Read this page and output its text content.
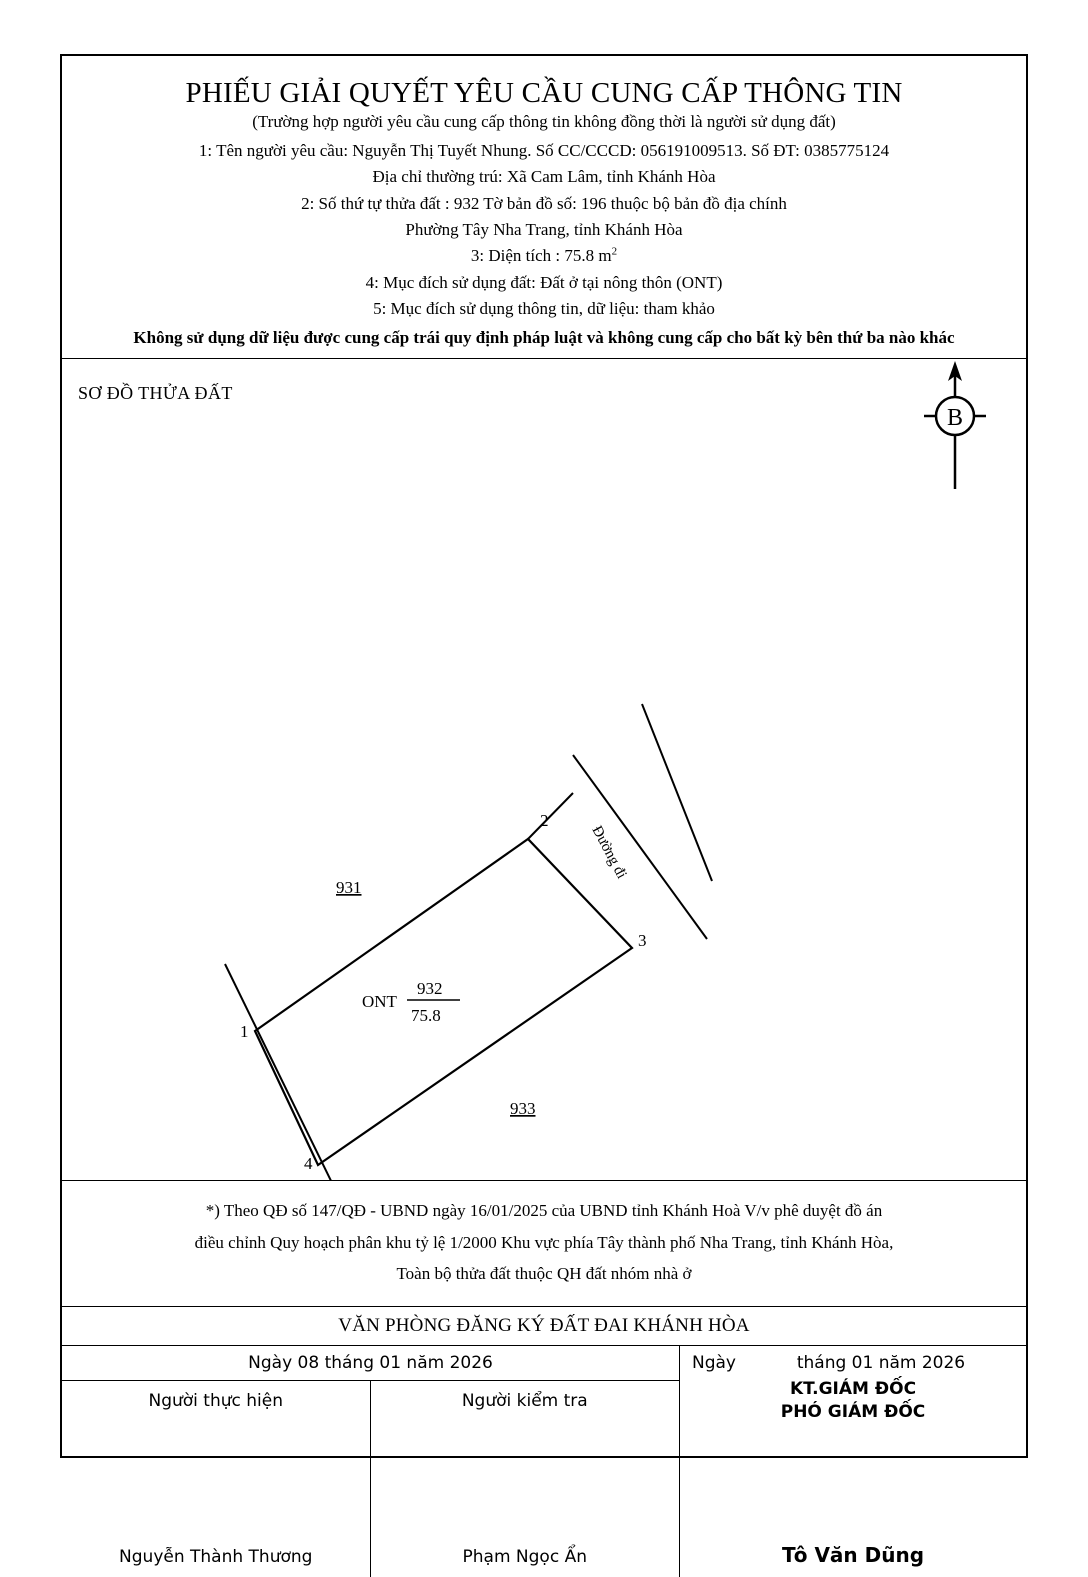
PHIẾU GIẢI QUYẾT YÊU CẦU CUNG CẤP THÔNG TIN
(Trường hợp người yêu cầu cung cấp thông tin không đồng thời là người sử dụng đất)
1: Tên người yêu cầu: Nguyễn Thị Tuyết Nhung. Số CC/CCCD: 056191009513. Số ĐT: 0385775124
Địa chỉ thường trú: Xã Cam Lâm, tỉnh Khánh Hòa
2: Số thứ tự thửa đất : 932 Tờ bản đồ số: 196 thuộc bộ bản đồ địa chính
Phường Tây Nha Trang, tỉnh Khánh Hòa
3: Diện tích : 75.8 $m^2$
4: Mục đích sử dụng đất: Đất ở tại nông thôn (ONT)
5: Mục đích sử dụng thông tin, dữ liệu: tham khảo
Không sử dụng dữ liệu được cung cấp trái quy định pháp luật và không cung cấp cho bất kỳ bên thứ ba nào khác
SƠ ĐỒ THỬA ĐẤT
B
1
2
3
4
931
933
ONT
932
75.8
Đường đi
*) Theo QĐ số 147/QĐ - UBND ngày 16/01/2025 của UBND tỉnh Khánh Hoà V/v phê duyệt đồ án
điều chỉnh Quy hoạch phân khu tỷ lệ 1/2000 Khu vực phía Tây thành phố Nha Trang, tỉnh Khánh Hòa,
Toàn bộ thửa đất thuộc QH đất nhóm nhà ở
VĂN PHÒNG ĐĂNG KÝ ĐẤT ĐAI KHÁNH HÒA
Ngày 08 tháng 01 năm 2026
Người thực hiện
Nguyễn Thành Thương
Người kiểm tra
Phạm Ngọc Ẩn
Ngày	tháng 01 năm 2026
KT.GIÁM ĐỐC
PHÓ GIÁM ĐỐC
Tô Văn Dũng
